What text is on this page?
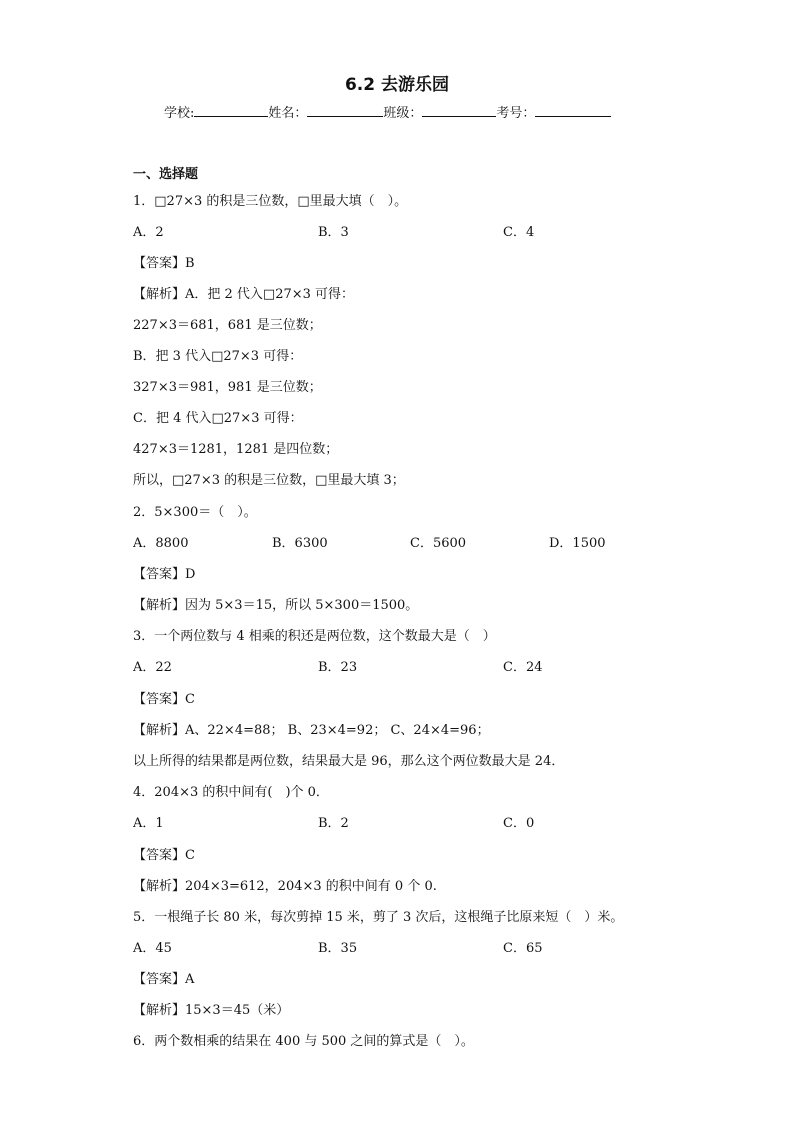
6.2 去游乐园
学校:	姓名：	班级：	考号：
一、选择题
1．□27×3 的积是三位数，□里最大填（　）。
A．2	B．3	C．4
【答案】B
【解析】A．把 2 代入□27×3 可得：
227×3＝681，681 是三位数；
B．把 3 代入□27×3 可得：
327×3＝981，981 是三位数；
C．把 4 代入□27×3 可得：
427×3＝1281，1281 是四位数；
所以，□27×3 的积是三位数，□里最大填 3；
2．5×300＝（　）。
A．8800	B．6300	C．5600	D．1500
【答案】D
【解析】因为 5×3＝15，所以 5×300＝1500。
3．一个两位数与 4 相乘的积还是两位数，这个数最大是（　）
A．22	B．23	C．24
【答案】C
【解析】A、22×4=88； B、23×4=92； C、24×4=96；
以上所得的结果都是两位数，结果最大是 96，那么这个两位数最大是 24．
4．204×3 的积中间有(　)个 0．
A．1	B．2	C．0
【答案】C
【解析】204×3=612，204×3 的积中间有 0 个 0.
5．一根绳子长 80 米，每次剪掉 15 米，剪了 3 次后，这根绳子比原来短（　）米。
A．45	B．35	C．65
【答案】A
【解析】15×3＝45（米）
6．两个数相乘的结果在 400 与 500 之间的算式是（　）。
